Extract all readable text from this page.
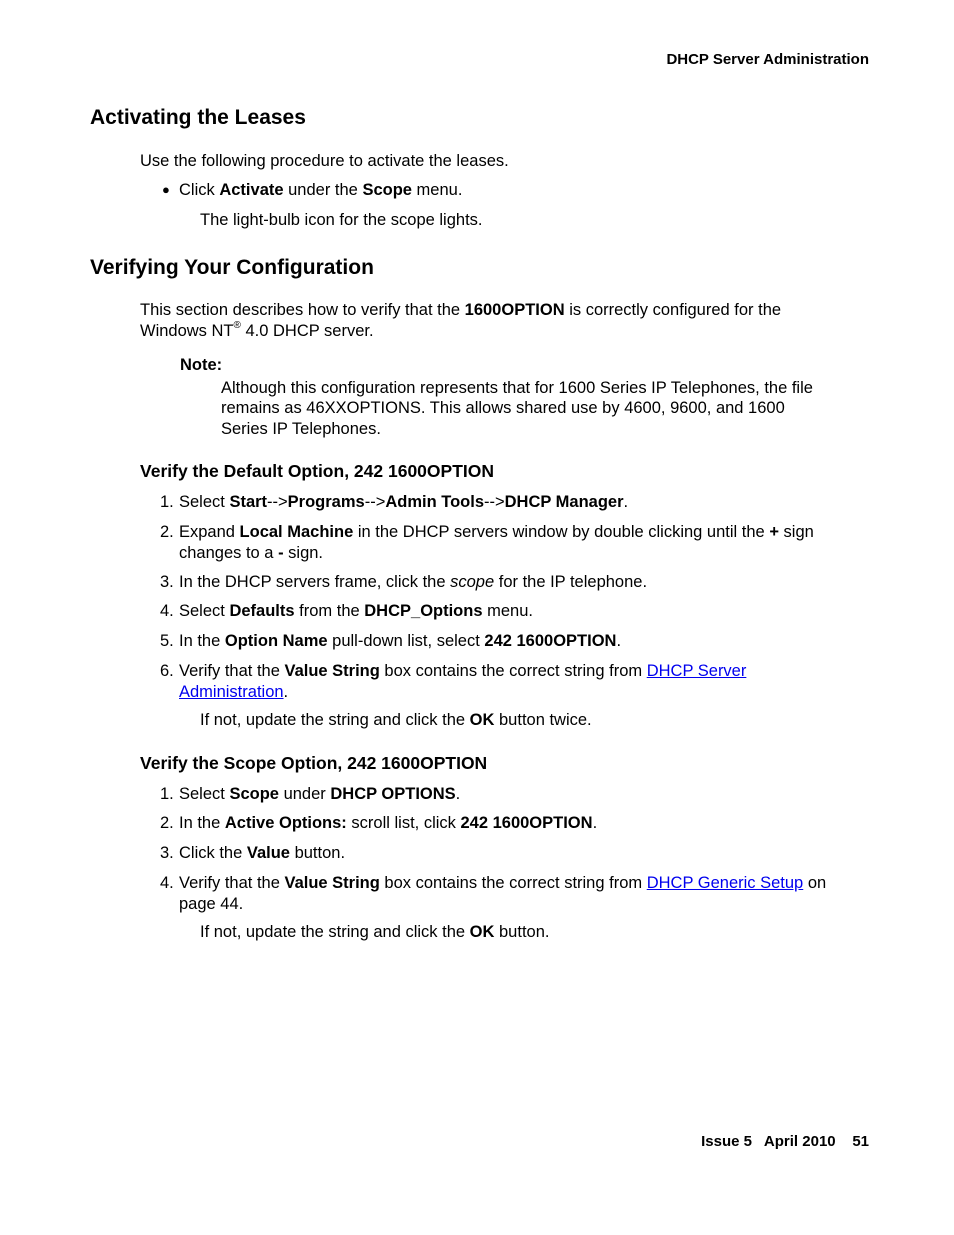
DHCP Server Administration
Activating the Leases
Use the following procedure to activate the leases.
● Click Activate under the Scope menu.
The light-bulb icon for the scope lights.
Verifying Your Configuration
This section describes how to verify that the 1600OPTION is correctly configured for the
Windows NT® 4.0 DHCP server.
Note:
Although this configuration represents that for 1600 Series IP Telephones, the file
remains as 46XXOPTIONS. This allows shared use by 4600, 9600, and 1600
Series IP Telephones.
Verify the Default Option, 242 1600OPTION
1. Select Start-->Programs-->Admin Tools-->DHCP Manager.
2. Expand Local Machine in the DHCP servers window by double clicking until the + sign
changes to a - sign.
3. In the DHCP servers frame, click the scope for the IP telephone.
4. Select Defaults from the DHCP_Options menu.
5. In the Option Name pull-down list, select 242 1600OPTION.
6. Verify that the Value String box contains the correct string from DHCP Server
Administration.
If not, update the string and click the OK button twice.
Verify the Scope Option, 242 1600OPTION
1. Select Scope under DHCP OPTIONS.
2. In the Active Options: scroll list, click 242 1600OPTION.
3. Click the Value button.
4. Verify that the Value String box contains the correct string from DHCP Generic Setup on
page 44.
If not, update the string and click the OK button.
Issue 5 April 2010 51
